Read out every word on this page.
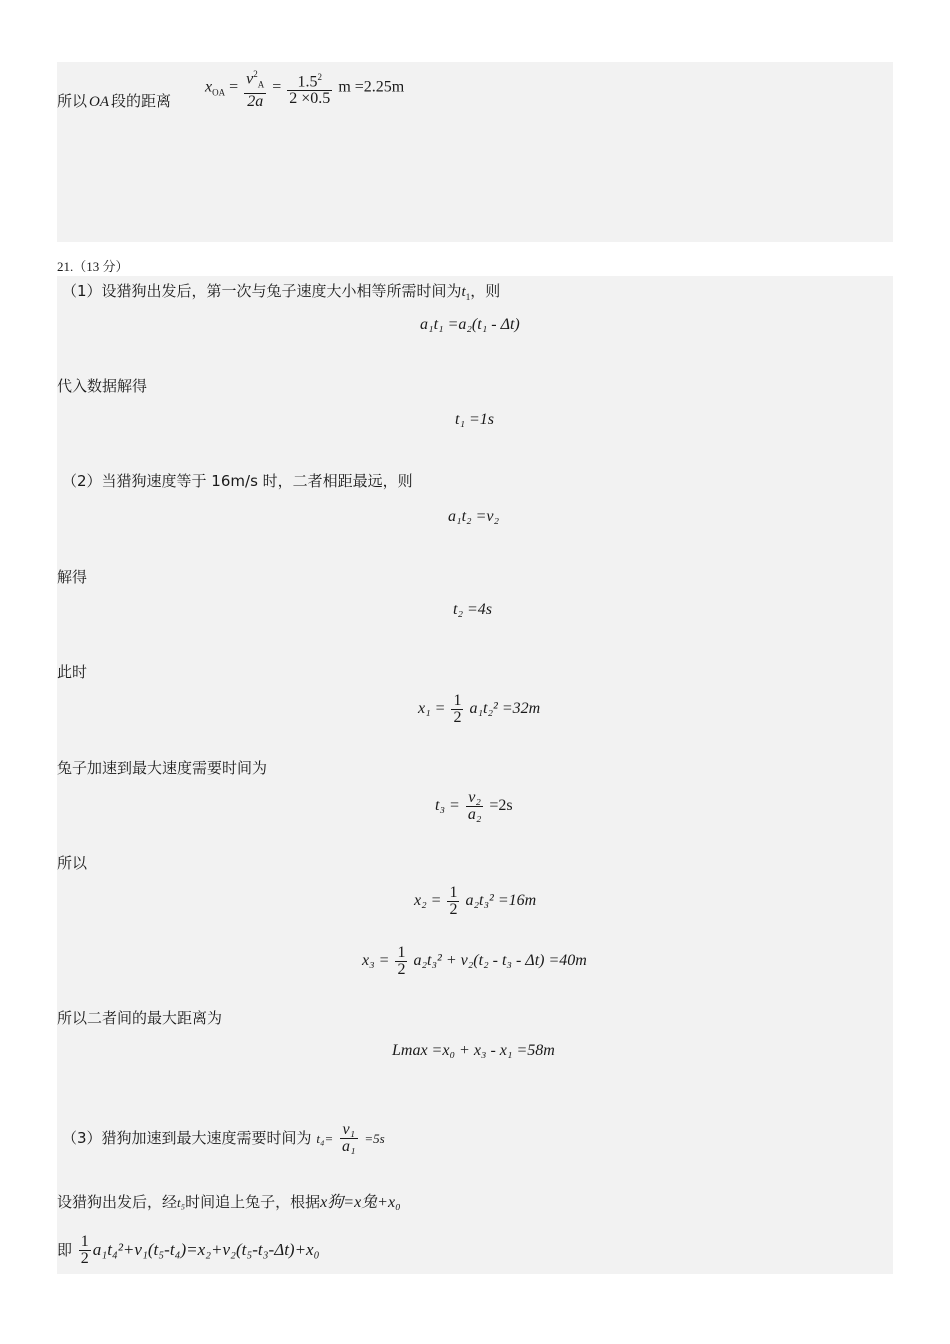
所以 OA 段的距离
$x_{OA} = \frac{v^2_A}{2a} = \frac{1.5^2}{2 \times 0.5}$ m =2.25m
21.（13 分）
（1）设猎狗出发后，第一次与兔子速度大小相等所需时间为$t_1$，则
a₁t₁ =a₂(t₁ - Δt)
代入数据解得
t₁ =1s
（2）当猎狗速度等于 16m/s 时，二者相距最远，则
a₁t₂ =v₂
解得
t₂ =4s
此时
$x_1 = \frac{1}{2} a_1t_2^2 =32m$
兔子加速到最大速度需要时间为
$t_3 = \frac{\text{v₂}}{\text{a₂}} =2s$
所以
$x_2 = \frac{1}{2} a_2t_3^2 =16m$
$x_3 = \frac{1}{2} a_2t_3^2 + v_2(t_2 - t_3 - \Delta t) =40m$
所以二者间的最大距离为
Lmax =x₀ + x₃ - x₁ =58m
（3）猎狗加速到最大速度需要时间为 $t_4= \frac{\text{v₁}}{\text{a₁}} =5s$
设猎狗出发后，经t₅时间追上兔子，根据x狗=x兔+x₀
即 $\frac{1}{2} a_1t_4^2+v_1(t_5-t_4)=x_2+v_2(t_5-t_3-\Delta t)+x_0$
